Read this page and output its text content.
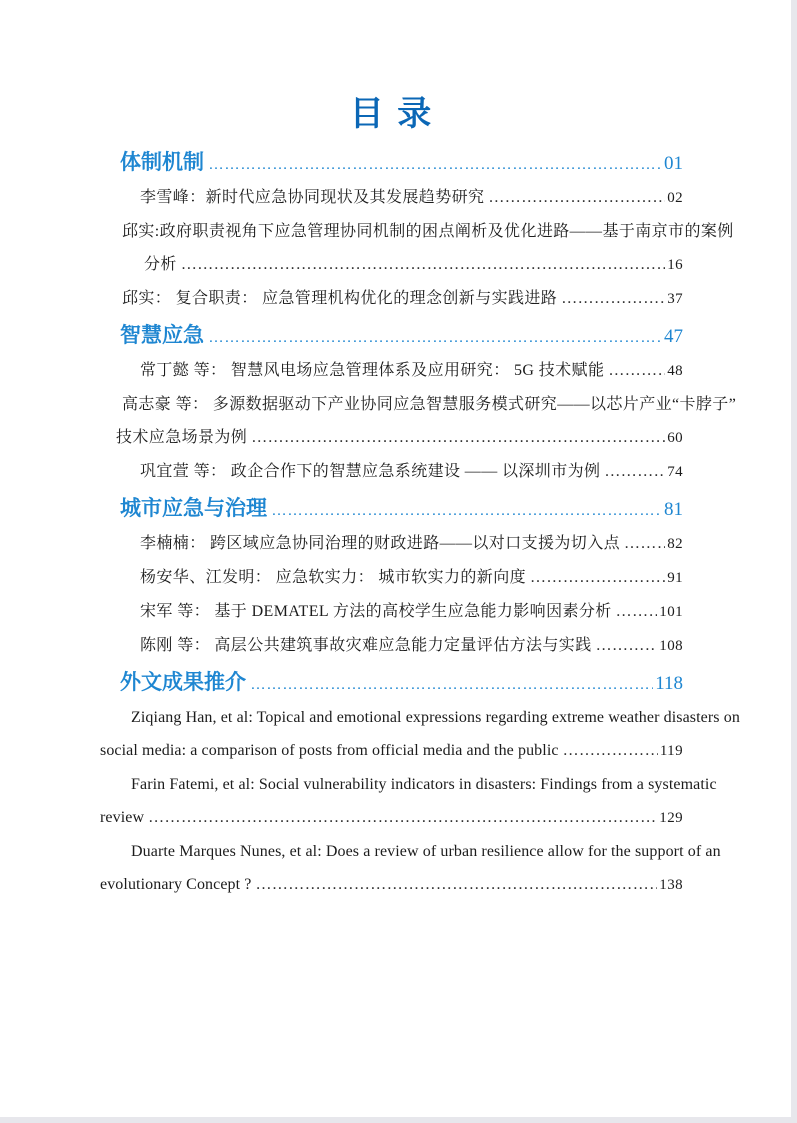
目 录
体制机制 ……………………………………………………………………………………………………………………………………	01
李雪峰：新时代应急协同现状及其发展趋势研究 ……………………………………………………………………………………………………………………………………	02
邱实:政府职责视角下应急管理协同机制的困点阐析及优化进路——基于南京市的案例
分析 ……………………………………………………………………………………………………………………………………	16
邱实： 复合职责： 应急管理机构优化的理念创新与实践进路 ……………………………………………………………………………………………………………………………………	37
智慧应急 ……………………………………………………………………………………………………………………………………	47
常丁懿 等： 智慧风电场应急管理体系及应用研究： 5G 技术赋能 ……………………………………………………………………………………………………………………………………	48
高志豪 等： 多源数据驱动下产业协同应急智慧服务模式研究——以芯片产业“卡脖子”
技术应急场景为例 ……………………………………………………………………………………………………………………………………	60
巩宜萱 等： 政企合作下的智慧应急系统建设 —— 以深圳市为例 ……………………………………………………………………………………………………………………………………	74
城市应急与治理 ……………………………………………………………………………………………………………………………………	81
李楠楠： 跨区域应急协同治理的财政进路——以对口支援为切入点 ……………………………………………………………………………………………………………………………………	82
杨安华、江发明： 应急软实力： 城市软实力的新向度 ……………………………………………………………………………………………………………………………………	91
宋军 等： 基于 DEMATEL 方法的高校学生应急能力影响因素分析 ……………………………………………………………………………………………………………………………………	101
陈刚 等： 高层公共建筑事故灾难应急能力定量评估方法与实践 ……………………………………………………………………………………………………………………………………	108
外文成果推介 ……………………………………………………………………………………………………………………………………	118
Ziqiang Han, et al: Topical and emotional expressions regarding extreme weather disasters on
social media: a comparison of posts from official media and the public ……………………………………………………………………………………………………………………………………	119
Farin Fatemi, et al: Social vulnerability indicators in disasters: Findings from a systematic
review ……………………………………………………………………………………………………………………………………	129
Duarte Marques Nunes, et al: Does a review of urban resilience allow for the support of an
evolutionary Concept ? ……………………………………………………………………………………………………………………………………	138
